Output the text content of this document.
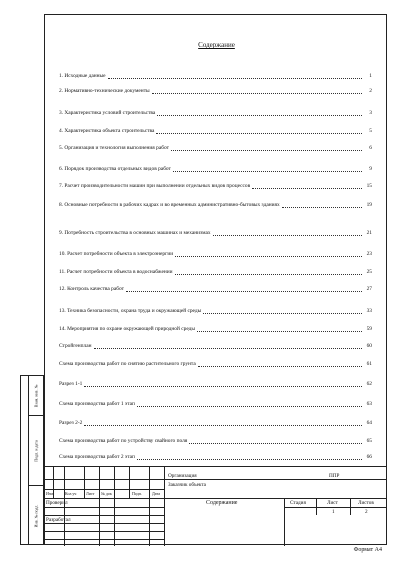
Содержание
1. Исходные данные	1
2. Нормативно-технические документы	2
3. Характеристика условий строительства	3
4. Характеристика объекта строительства	5
5. Организация и технология выполнения работ	6
6. Порядок производства отдельных видов работ	9
7. Расчет производительности машин при выполнении отдельных видов процессов	15
8. Основные потребности в рабочих кадрах и во временных административно-бытовых зданиях	19
9. Потребность строительства в основных машинах и механизмах	21
10. Расчет потребности объекта в электроэнергии	23
11. Расчет потребности объекта в водоснабжении	25
12. Контроль качества работ	27
13. Техника безопасности, охрана труда и окружающей среды	33
14. Мероприятия по охране окружающей природной среды	59
Стройгенплан	60
Схема производства работ по снятию растительного грунта	61
Разрез 1-1	62
Схема производства работ 1 этап	63
Разрез 2-2	64
Схема производства работ по устройству свайного поля	65
Схема производства работ 2 этап	66
Взам. инв. №
Подп. и дата
Инв. № подл.
Организация
Заказчик объекта
ППР
Изм.	Кол.уч Лист № док	Подп.	Дата
Проверил
Разработал
Содержание	Стадия	Лист	Листов
1	2
Формат А4
